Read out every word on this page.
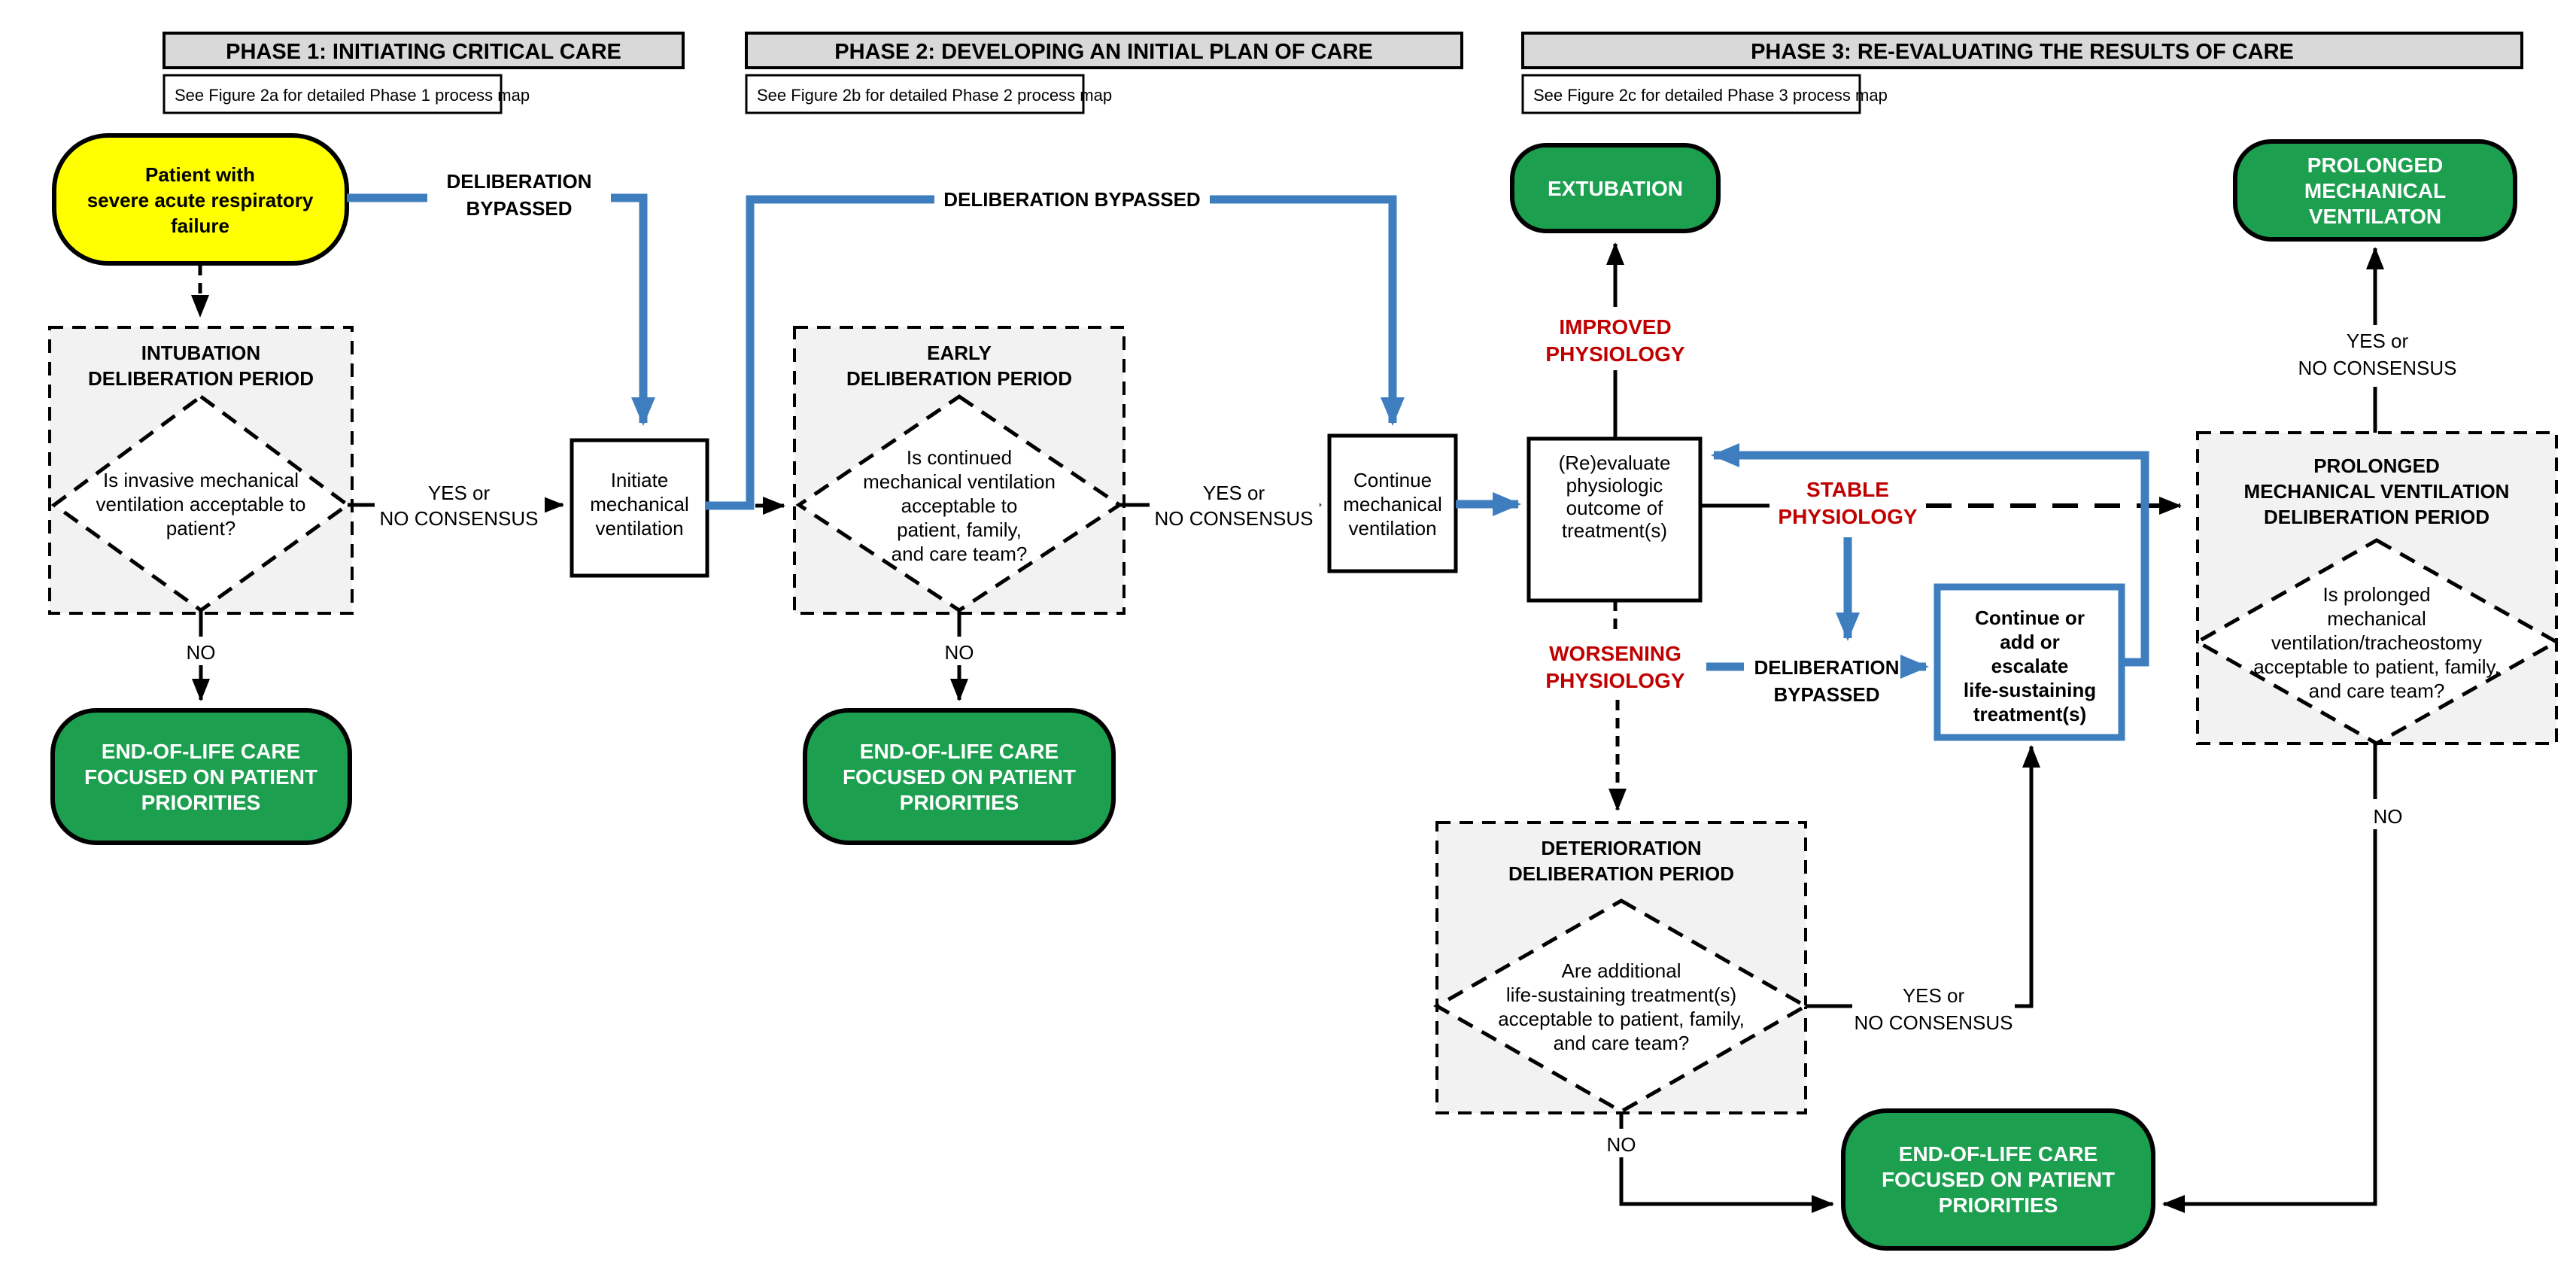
PHASE 1: INITIATING CRITICAL CARE
See Figure 2a for detailed Phase 1 process map
PHASE 2: DEVELOPING AN INITIAL PLAN OF CARE
See Figure 2b for detailed Phase 2 process map
PHASE 3: RE-EVALUATING THE RESULTS OF CARE
See Figure 2c for detailed Phase 3 process map
Patient with
severe acute respiratory
failure
DELIBERATION
BYPASSED
INTUBATION
DELIBERATION PERIOD
Is invasive mechanical
ventilation acceptable to
patient?
YES or
NO CONSENSUS
NO
END-OF-LIFE CARE
FOCUSED ON PATIENT
PRIORITIES
Initiate
mechanical
ventilation
DELIBERATION BYPASSED
EARLY
DELIBERATION PERIOD
Is continued
mechanical ventilation
acceptable to
patient, family,
and care team?
YES or
NO CONSENSUS
NO
END-OF-LIFE CARE
FOCUSED ON PATIENT
PRIORITIES
Continue
mechanical
ventilation
EXTUBATION
IMPROVED
PHYSIOLOGY
(Re)evaluate
physiologic
outcome of
treatment(s)
STABLE
PHYSIOLOGY
WORSENING
PHYSIOLOGY
DELIBERATION
BYPASSED
Continue or
add or
escalate
life-sustaining
treatment(s)
DETERIORATION
DELIBERATION PERIOD
Are additional
life-sustaining treatment(s)
acceptable to patient, family,
and care team?
YES or
NO CONSENSUS
NO	END-OF-LIFE CARE
FOCUSED ON PATIENT
PRIORITIES
PROLONGED
MECHANICAL VENTILATION
DELIBERATION PERIOD
Is prolonged
mechanical
ventilation/tracheostomy
acceptable to patient, family,
and care team?
YES or
NO CONSENSUS
PROLONGED
MECHANICAL
VENTILATON
NO
